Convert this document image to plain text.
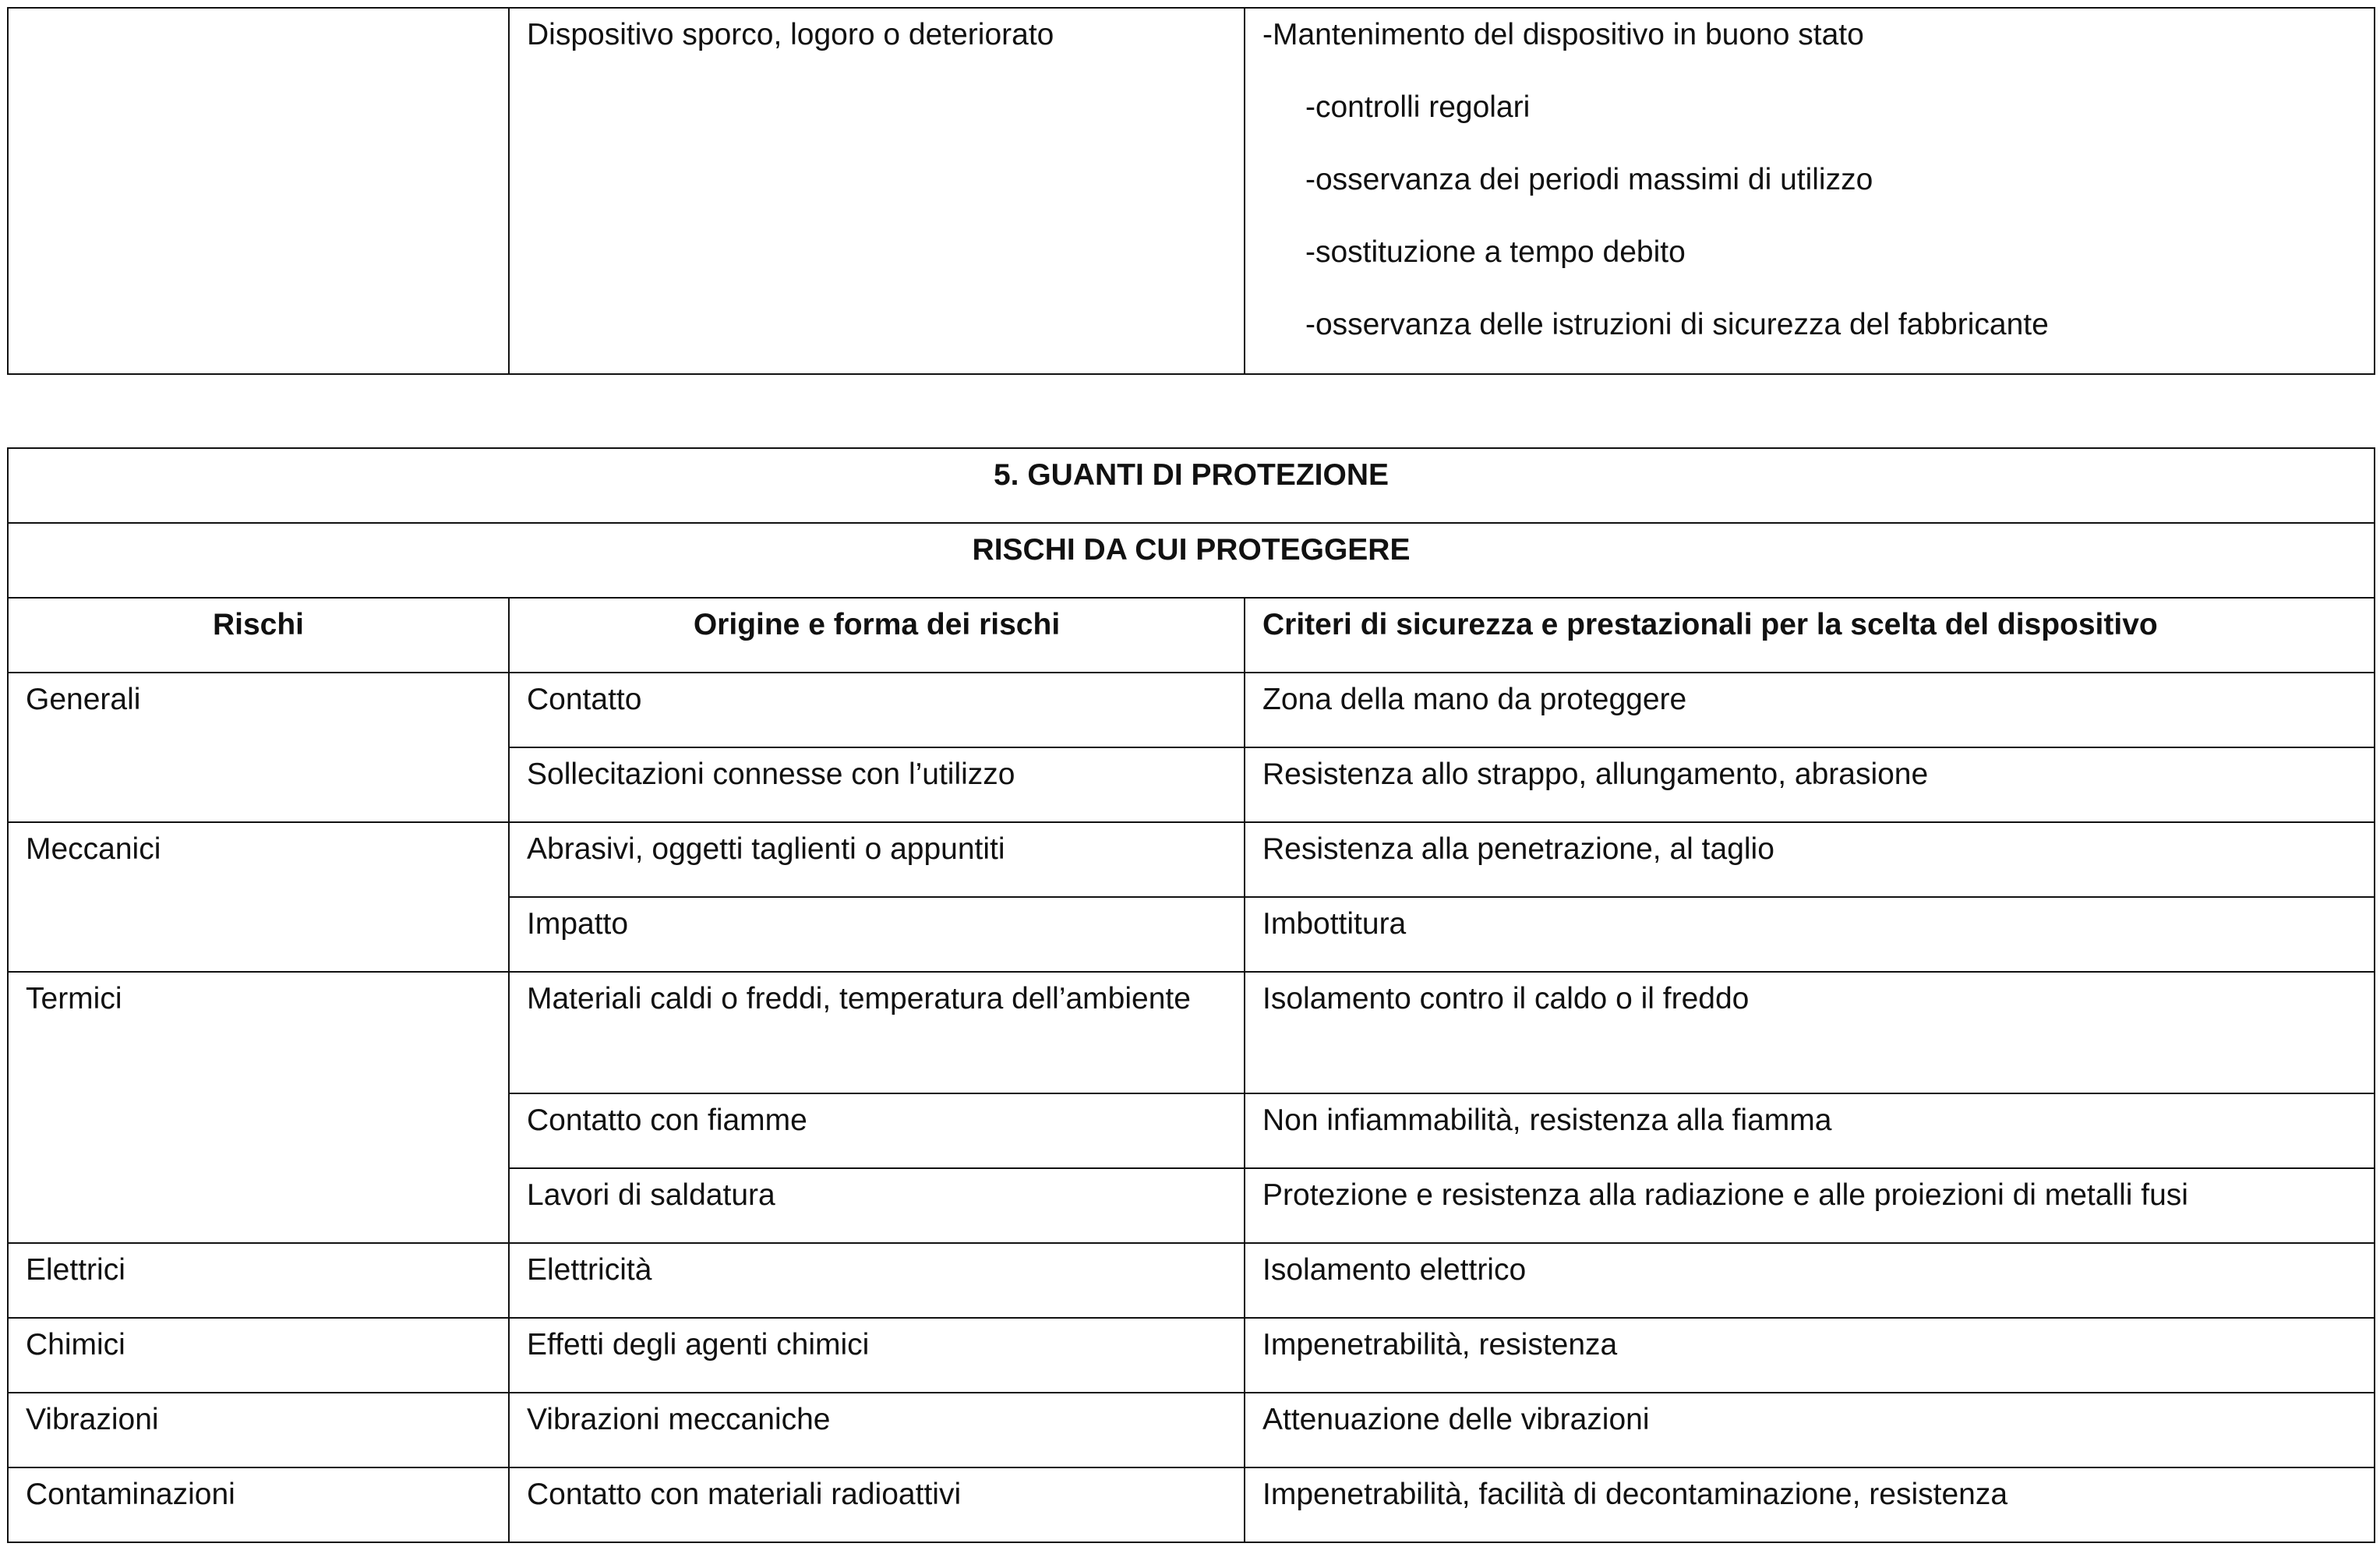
	Dispositivo sporco, logoro o deteriorato	-Mantenimento del dispositivo in buono stato
-controlli regolari
-osservanza dei periodi massimi di utilizzo
-sostituzione a tempo debito
-osservanza delle istruzioni di sicurezza del fabbricante
5. GUANTI DI PROTEZIONE		
RISCHI DA CUI PROTEGGERE		
Rischi	Origine e forma dei rischi	Criteri di sicurezza e prestazionali per la scelta del dispositivo
Generali	Contatto	Zona della mano da proteggere
	Sollecitazioni connesse con l’utilizzo	Resistenza allo strappo, allungamento, abrasione
Meccanici	Abrasivi, oggetti taglienti o appuntiti	Resistenza alla penetrazione, al taglio
	Impatto	Imbottitura
Termici	Materiali caldi o freddi, temperatura dell’ambiente	Isolamento contro il caldo o il freddo
	Contatto con fiamme	Non infiammabilità, resistenza alla fiamma
	Lavori di saldatura	Protezione e resistenza alla radiazione e alle proiezioni di metalli fusi
Elettrici	Elettricità	Isolamento elettrico
Chimici	Effetti degli agenti chimici	Impenetrabilità, resistenza
Vibrazioni	Vibrazioni meccaniche	Attenuazione delle vibrazioni
Contaminazioni	Contatto con materiali radioattivi	Impenetrabilità, facilità di decontaminazione, resistenza
